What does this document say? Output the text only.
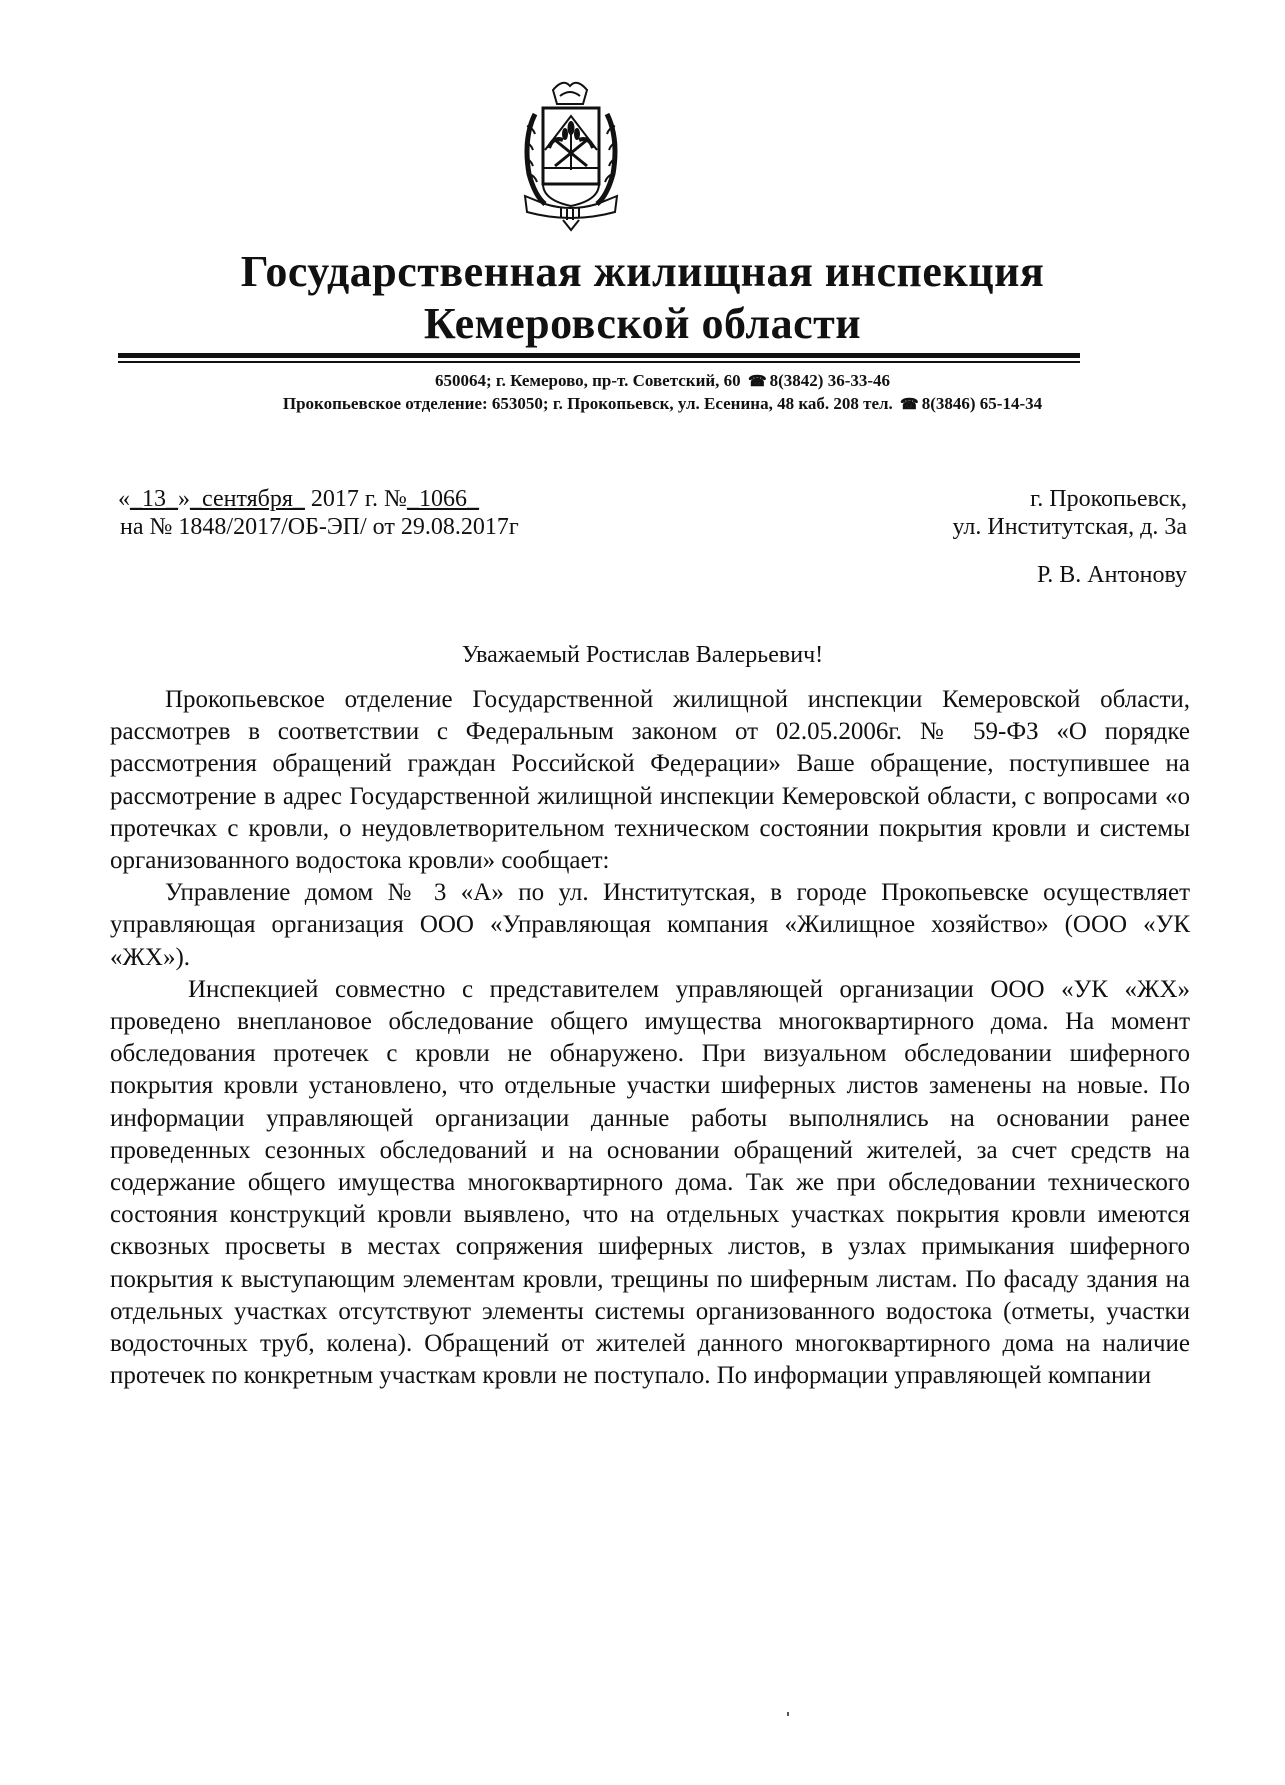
Государственная жилищная инспекция
Кемеровской области
650064; г. Кемерово, пр-т. Советский, 60 ☎ 8(3842) 36-33-46
Прокопьевское отделение: 653050; г. Прокопьевск, ул. Есенина, 48 каб. 208 тел. ☎ 8(3846) 65-14-34
«_13_»_сентября_ 2017 г. №_1066_
на № 1848/2017/ОБ-ЭП/ от 29.08.2017г
г. Прокопьевск,
ул. Институтская, д. 3а
Р. В. Антонову
Уважаемый Ростислав Валерьевич!

Прокопьевское отделение Государственной жилищной инспекции Кемеровской области, рассмотрев в соответствии с Федеральным законом от 02.05.2006г. № 59-ФЗ «О порядке рассмотрения обращений граждан Российской Федерации» Ваше обращение, поступившее на рассмотрение в адрес Государственной жилищной инспекции Кемеровской области, с вопросами «о протечках с кровли, о неудовлетворительном техническом состоянии покрытия кровли и системы организованного водостока кровли» сообщает:

Управление домом № 3 «А» по ул. Институтская, в городе Прокопьевске осуществляет управляющая организация ООО «Управляющая компания «Жилищное хозяйство» (ООО «УК «ЖХ»).

Инспекцией совместно с представителем управляющей организации ООО «УК «ЖХ» проведено внеплановое обследование общего имущества многоквартирного дома. На момент обследования протечек с кровли не обнаружено. При визуальном обследовании шиферного покрытия кровли установлено, что отдельные участки шиферных листов заменены на новые. По информации управляющей организации данные работы выполнялись на основании ранее проведенных сезонных обследований и на основании обращений жителей, за счет средств на содержание общего имущества многоквартирного дома. Так же при обследовании технического состояния конструкций кровли выявлено, что на отдельных участках покрытия кровли имеются сквозных просветы в местах сопряжения шиферных листов, в узлах примыкания шиферного покрытия к выступающим элементам кровли, трещины по шиферным листам. По фасаду здания на отдельных участках отсутствуют элементы системы организованного водостока (отметы, участки водосточных труб, колена). Обращений от жителей данного многоквартирного дома на наличие протечек по конкретным участкам кровли не поступало. По информации управляющей компании
